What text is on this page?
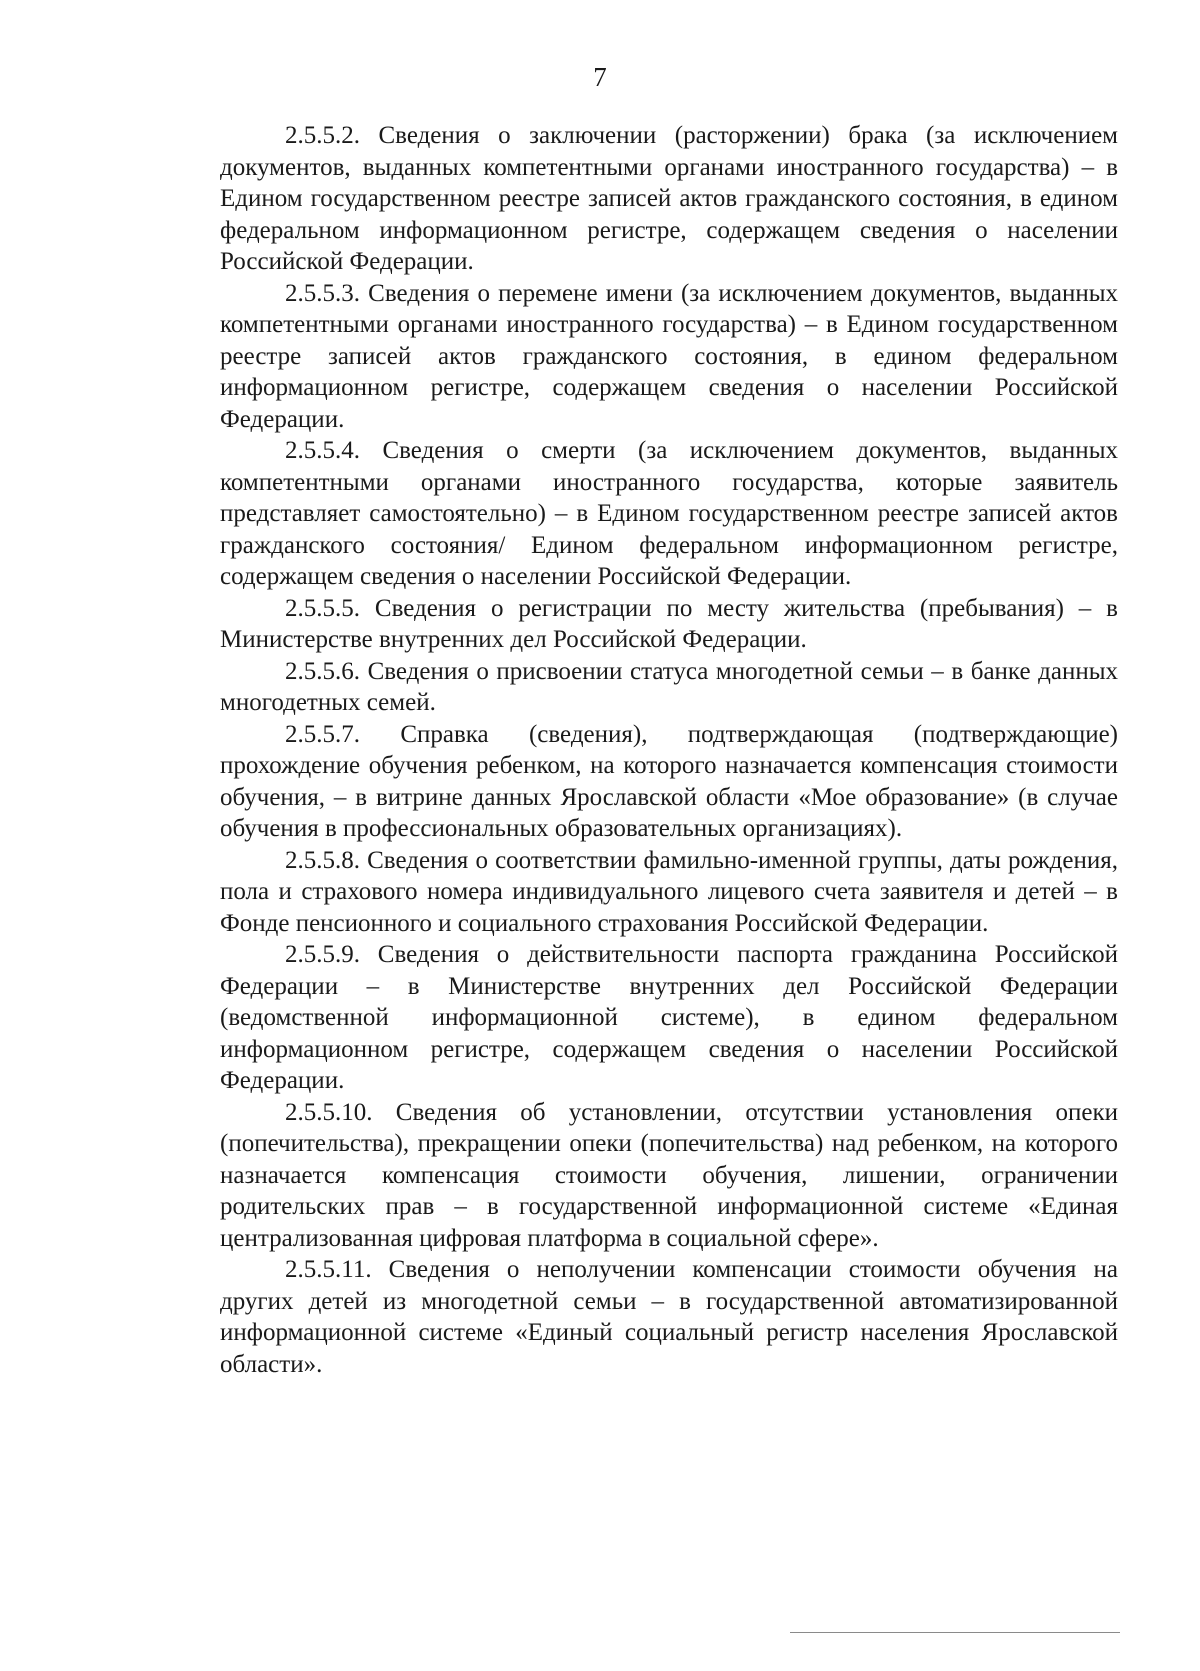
7

2.5.5.2. Сведения о заключении (расторжении) брака (за исключением документов, выданных компетентными органами иностранного государства) – в Едином государственном реестре записей актов гражданского состояния, в едином федеральном информационном регистре, содержащем сведения о населении Российской Федерации.

2.5.5.3. Сведения о перемене имени (за исключением документов, выданных компетентными органами иностранного государства) – в Едином государственном реестре записей актов гражданского состояния, в едином федеральном информационном регистре, содержащем сведения о населении Российской Федерации.

2.5.5.4. Сведения о смерти (за исключением документов, выданных компетентными органами иностранного государства, которые заявитель представляет самостоятельно) – в Едином государственном реестре записей актов гражданского состояния/ Едином федеральном информационном регистре, содержащем сведения о населении Российской Федерации.

2.5.5.5. Сведения о регистрации по месту жительства (пребывания) – в Министерстве внутренних дел Российской Федерации.

2.5.5.6. Сведения о присвоении статуса многодетной семьи – в банке данных многодетных семей.

2.5.5.7. Справка (сведения), подтверждающая (подтверждающие) прохождение обучения ребенком, на которого назначается компенсация стоимости обучения, – в витрине данных Ярославской области «Мое образование» (в случае обучения в профессиональных образовательных организациях).

2.5.5.8. Сведения о соответствии фамильно-именной группы, даты рождения, пола и страхового номера индивидуального лицевого счета заявителя и детей – в Фонде пенсионного и социального страхования Российской Федерации.

2.5.5.9. Сведения о действительности паспорта гражданина Российской Федерации – в Министерстве внутренних дел Российской Федерации (ведомственной информационной системе), в едином федеральном информационном регистре, содержащем сведения о населении Российской Федерации.

2.5.5.10. Сведения об установлении, отсутствии установления опеки (попечительства), прекращении опеки (попечительства) над ребенком, на которого назначается компенсация стоимости обучения, лишении, ограничении родительских прав – в государственной информационной системе «Единая централизованная цифровая платформа в социальной сфере».

2.5.5.11. Сведения о неполучении компенсации стоимости обучения на других детей из многодетной семьи – в государственной автоматизированной информационной системе «Единый социальный регистр населения Ярославской области».
